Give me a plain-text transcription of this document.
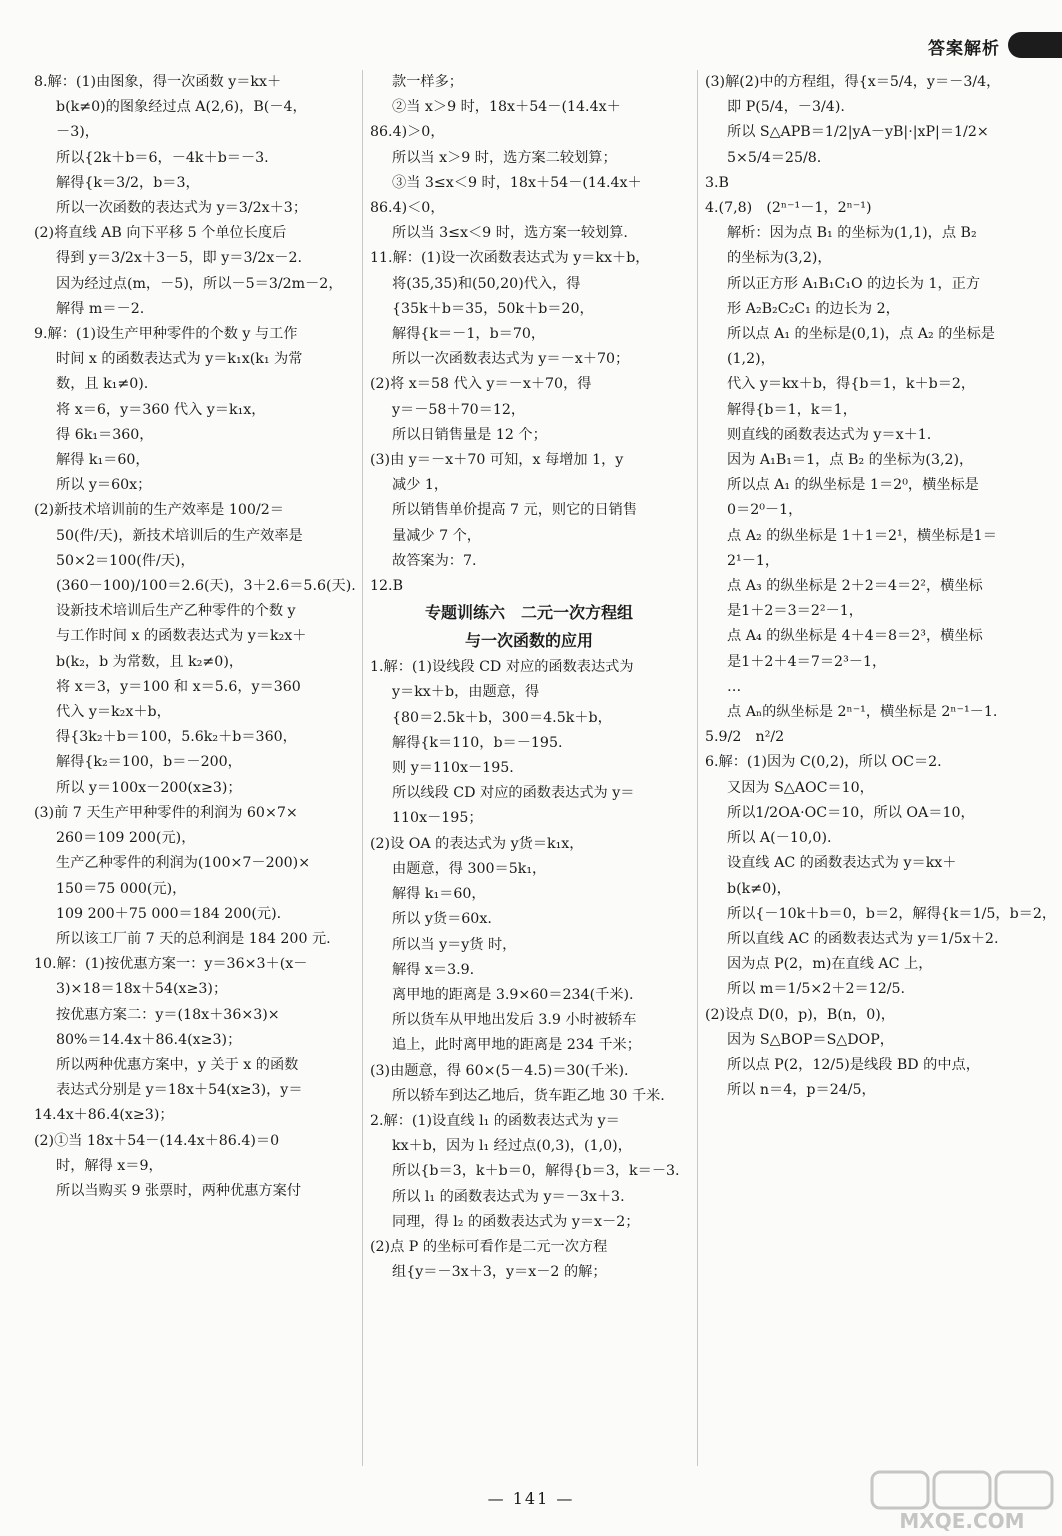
答案解析

8.解：(1)由图象，得一次函数 y＝kx＋

b(k≠0)的图象经过点 A(2,6)，B(－4，

－3)，

所以{2k＋b＝6，－4k＋b＝－3.

解得{k＝3/2，b＝3，

所以一次函数的表达式为 y＝3/2x＋3；

(2)将直线 AB 向下平移 5 个单位长度后

得到 y＝3/2x＋3－5，即 y＝3/2x－2.

因为经过点(m，－5)，所以－5＝3/2m－2，

解得 m＝－2.

9.解：(1)设生产甲种零件的个数 y 与工作

时间 x 的函数表达式为 y＝k₁x(k₁ 为常

数，且 k₁≠0).

将 x＝6，y＝360 代入 y＝k₁x，

得 6k₁＝360，

解得 k₁＝60，

所以 y＝60x；

(2)新技术培训前的生产效率是 100/2＝

50(件/天)，新技术培训后的生产效率是

50×2＝100(件/天)，

(360－100)/100＝2.6(天)，3＋2.6＝5.6(天).

设新技术培训后生产乙种零件的个数 y

与工作时间 x 的函数表达式为 y＝k₂x＋

b(k₂，b 为常数，且 k₂≠0)，

将 x＝3，y＝100 和 x＝5.6，y＝360

代入 y＝k₂x＋b，

得{3k₂＋b＝100，5.6k₂＋b＝360，

解得{k₂＝100，b＝－200，

所以 y＝100x－200(x≥3)；

(3)前 7 天生产甲种零件的利润为 60×7×

260＝109 200(元)，

生产乙种零件的利润为(100×7－200)×

150＝75 000(元)，

109 200＋75 000＝184 200(元).

所以该工厂前 7 天的总利润是 184 200 元.

10.解：(1)按优惠方案一：y＝36×3＋(x－

3)×18＝18x＋54(x≥3)；

按优惠方案二：y＝(18x＋36×3)×

80%＝14.4x＋86.4(x≥3)；

所以两种优惠方案中，y 关于 x 的函数

表达式分别是 y＝18x＋54(x≥3)，y＝

14.4x＋86.4(x≥3)；

(2)①当 18x＋54－(14.4x＋86.4)＝0

时，解得 x＝9，

所以当购买 9 张票时，两种优惠方案付

款一样多；

②当 x＞9 时，18x＋54－(14.4x＋

86.4)＞0，

所以当 x＞9 时，选方案二较划算；

③当 3≤x＜9 时，18x＋54－(14.4x＋

86.4)＜0，

所以当 3≤x＜9 时，选方案一较划算.

11.解：(1)设一次函数表达式为 y＝kx＋b，

将(35,35)和(50,20)代入，得

{35k＋b＝35，50k＋b＝20，

解得{k＝－1，b＝70，

所以一次函数表达式为 y＝－x＋70；

(2)将 x＝58 代入 y＝－x＋70，得

y＝－58＋70＝12，

所以日销售量是 12 个；

(3)由 y＝－x＋70 可知，x 每增加 1，y

减少 1，

所以销售单价提高 7 元，则它的日销售

量减少 7 个，

故答案为：7.

12.B

专题训练六　二元一次方程组

与一次函数的应用

1.解：(1)设线段 CD 对应的函数表达式为

y＝kx＋b，由题意，得

{80＝2.5k＋b，300＝4.5k＋b，

解得{k＝110，b＝－195.

则 y＝110x－195.

所以线段 CD 对应的函数表达式为 y＝

110x－195；

(2)设 OA 的表达式为 y货＝k₁x，

由题意，得 300＝5k₁，

解得 k₁＝60，

所以 y货＝60x.

所以当 y＝y货 时，

解得 x＝3.9.

离甲地的距离是 3.9×60＝234(千米).

所以货车从甲地出发后 3.9 小时被轿车

追上，此时离甲地的距离是 234 千米；

(3)由题意，得 60×(5－4.5)＝30(千米).

所以轿车到达乙地后，货车距乙地 30 千米.

2.解：(1)设直线 l₁ 的函数表达式为 y＝

kx＋b，因为 l₁ 经过点(0,3)，(1,0)，

所以{b＝3，k＋b＝0，解得{b＝3，k＝－3.

所以 l₁ 的函数表达式为 y＝－3x＋3.

同理，得 l₂ 的函数表达式为 y＝x－2；

(2)点 P 的坐标可看作是二元一次方程

组{y＝－3x＋3，y＝x－2 的解；

(3)解(2)中的方程组，得{x＝5/4，y＝－3/4，

即 P(5/4，－3/4).

所以 S△APB＝1/2|yA－yB|·|xP|＝1/2×

5×5/4＝25/8.

3.B

4.(7,8)　(2ⁿ⁻¹－1，2ⁿ⁻¹)

解析：因为点 B₁ 的坐标为(1,1)，点 B₂

的坐标为(3,2)，

所以正方形 A₁B₁C₁O 的边长为 1，正方

形 A₂B₂C₂C₁ 的边长为 2，

所以点 A₁ 的坐标是(0,1)，点 A₂ 的坐标是

(1,2)，

代入 y＝kx＋b，得{b＝1，k＋b＝2，

解得{b＝1，k＝1，

则直线的函数表达式为 y＝x＋1.

因为 A₁B₁＝1，点 B₂ 的坐标为(3,2)，

所以点 A₁ 的纵坐标是 1＝2⁰，横坐标是

0＝2⁰－1，

点 A₂ 的纵坐标是 1＋1＝2¹，横坐标是1＝

2¹－1，

点 A₃ 的纵坐标是 2＋2＝4＝2²，横坐标

是1＋2＝3＝2²－1，

点 A₄ 的纵坐标是 4＋4＝8＝2³，横坐标

是1＋2＋4＝7＝2³－1，

…

点 Aₙ的纵坐标是 2ⁿ⁻¹，横坐标是 2ⁿ⁻¹－1.

5.9/2　n²/2

6.解：(1)因为 C(0,2)，所以 OC＝2.

又因为 S△AOC＝10，

所以1/2OA·OC＝10，所以 OA＝10，

所以 A(－10,0).

设直线 AC 的函数表达式为 y＝kx＋

b(k≠0)，

所以{－10k＋b＝0，b＝2，解得{k＝1/5，b＝2，

所以直线 AC 的函数表达式为 y＝1/5x＋2.

因为点 P(2，m)在直线 AC 上，

所以 m＝1/5×2＋2＝12/5.

(2)设点 D(0，p)，B(n，0)，

因为 S△BOP＝S△DOP，

所以点 P(2，12/5)是线段 BD 的中点，

所以 n＝4，p＝24/5，

— 141 —
MXQE.COM
